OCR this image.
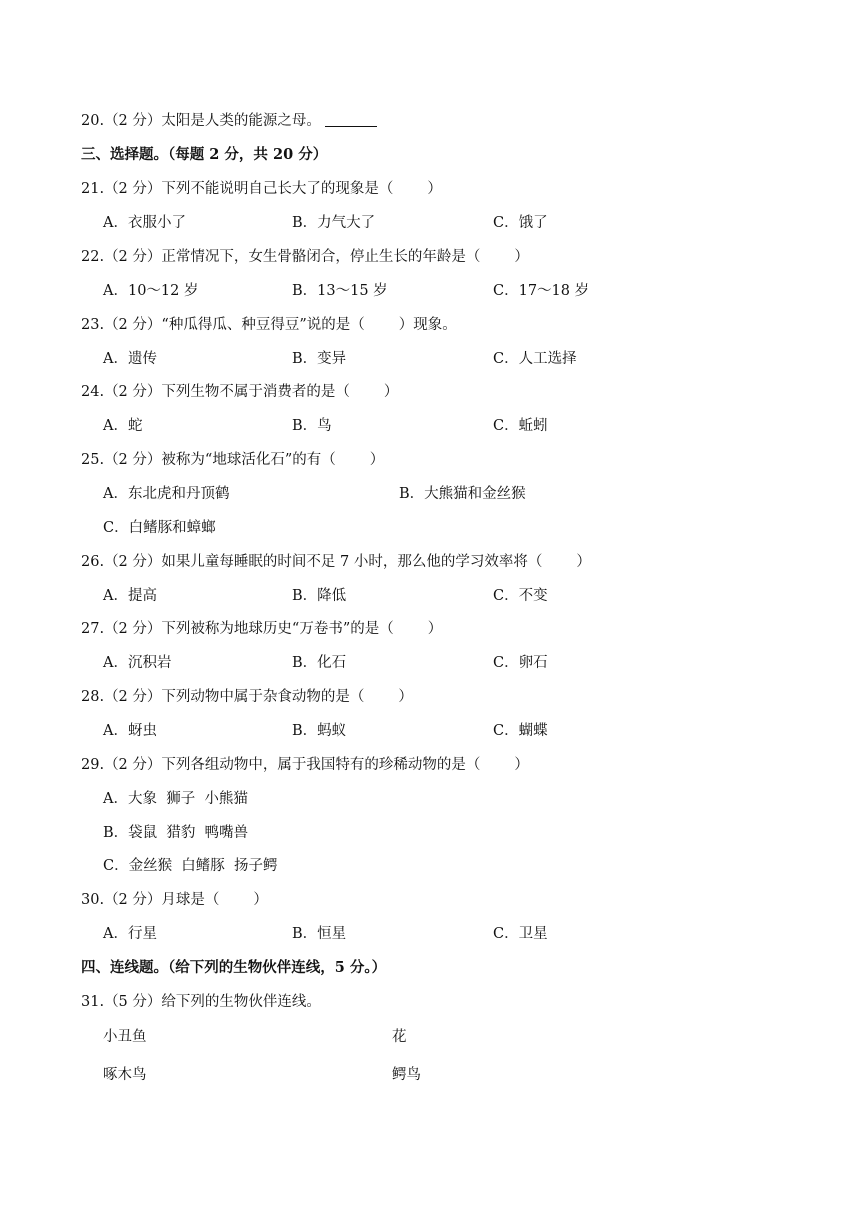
20.（2 分）太阳是人类的能源之母。
三、选择题。（每题 2 分，共 20 分）
21.（2 分）下列不能说明自己长大了的现象是（ ）
A．衣服小了	B．力气大了	C．饿了
22.（2 分）正常情况下，女生骨骼闭合，停止生长的年龄是（ ）
A．10～12 岁	B．13～15 岁	C．17～18 岁
23.（2 分）“种瓜得瓜、种豆得豆”说的是（ ）现象。
A．遗传	B．变异	C．人工选择
24.（2 分）下列生物不属于消费者的是（ ）
A．蛇	B．鸟	C．蚯蚓
25.（2 分）被称为“地球活化石”的有（ ）
A．东北虎和丹顶鹤	B．大熊猫和金丝猴
C．白鳍豚和蟑螂
26.（2 分）如果儿童每睡眠的时间不足 7 小时，那么他的学习效率将（ ）
A．提高	B．降低	C．不变
27.（2 分）下列被称为地球历史“万卷书”的是（ ）
A．沉积岩	B．化石	C．卵石
28.（2 分）下列动物中属于杂食动物的是（ ）
A．蚜虫	B．蚂蚁	C．蝴蝶
29.（2 分）下列各组动物中，属于我国特有的珍稀动物的是（ ）
A．大象  狮子  小熊猫
B．袋鼠  猎豹  鸭嘴兽
C．金丝猴  白鳍豚  扬子鳄
30.（2 分）月球是（ ）
A．行星	B．恒星	C．卫星
四、连线题。（给下列的生物伙伴连线，5 分。）
31.（5 分）给下列的生物伙伴连线。
小丑鱼	花
啄木鸟	鳄鸟
